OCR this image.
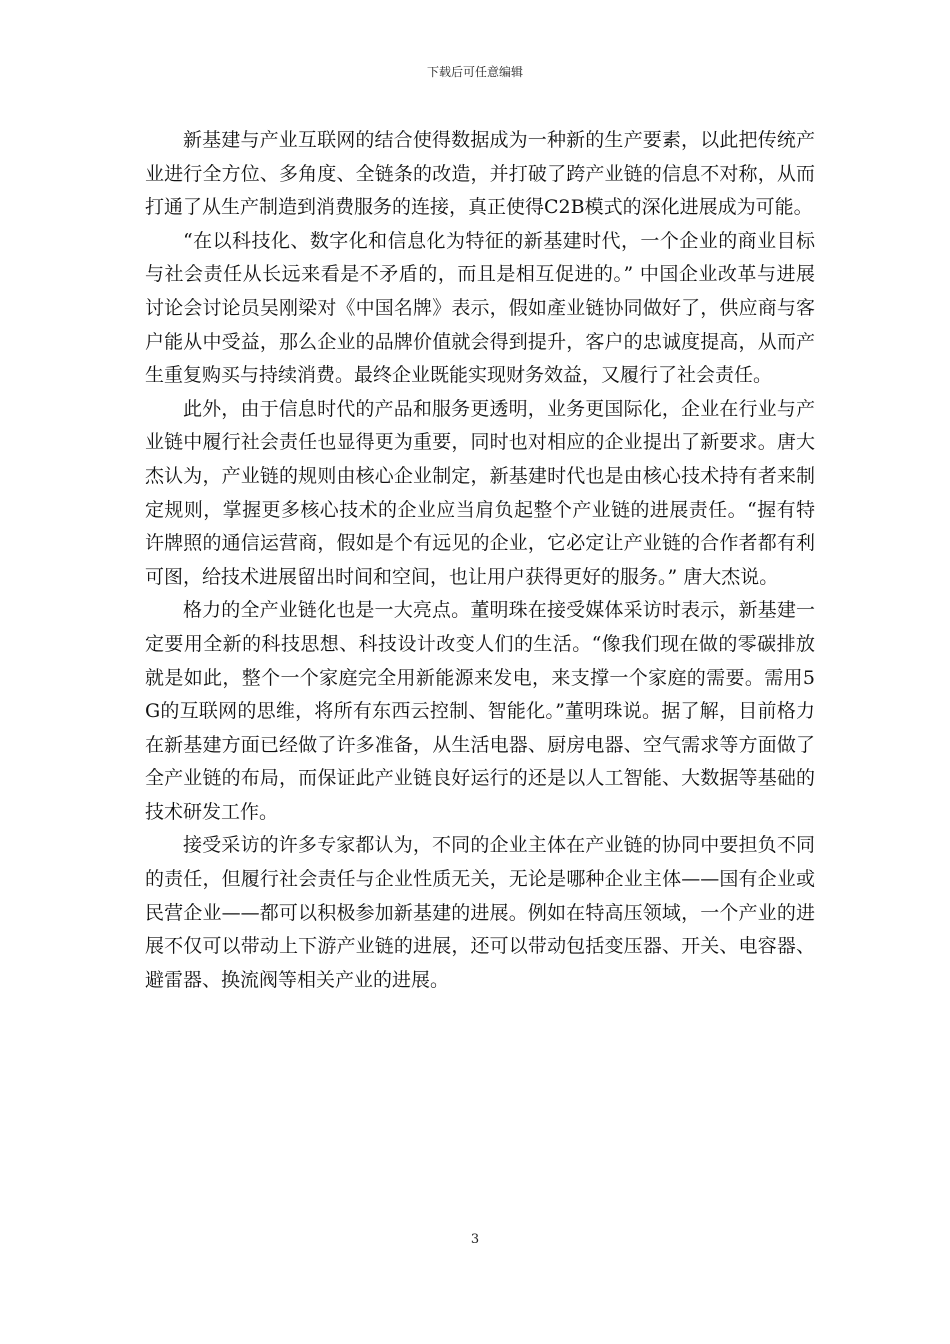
下载后可任意编辑

新基建与产业互联网的结合使得数据成为一种新的生产要素，以此把传统产业进行全方位、多角度、全链条的改造，并打破了跨产业链的信息不对称，从而打通了从生产制造到消费服务的连接，真正使得C2B模式的深化进展成为可能。

“在以科技化、数字化和信息化为特征的新基建时代，一个企业的商业目标与社会责任从长远来看是不矛盾的，而且是相互促进的。” 中国企业改革与进展讨论会讨论员吴刚梁对《中国名牌》表示，假如產业链协同做好了，供应商与客户能从中受益，那么企业的品牌价值就会得到提升，客户的忠诚度提高，从而产生重复购买与持续消费。最终企业既能实现财务效益，又履行了社会责任。

此外，由于信息时代的产品和服务更透明，业务更国际化，企业在行业与产业链中履行社会责任也显得更为重要，同时也对相应的企业提出了新要求。唐大杰认为，产业链的规则由核心企业制定，新基建时代也是由核心技术持有者来制定规则，掌握更多核心技术的企业应当肩负起整个产业链的进展责任。“握有特许牌照的通信运营商，假如是个有远见的企业，它必定让产业链的合作者都有利可图，给技术进展留出时间和空间，也让用户获得更好的服务。” 唐大杰说。

格力的全产业链化也是一大亮点。董明珠在接受媒体采访时表示，新基建一定要用全新的科技思想、科技设计改变人们的生活。“像我们现在做的零碳排放就是如此，整个一个家庭完全用新能源来发电，来支撑一个家庭的需要。需用5G的互联网的思维，将所有东西云控制、智能化。”董明珠说。据了解，目前格力在新基建方面已经做了许多准备，从生活电器、厨房电器、空气需求等方面做了全产业链的布局，而保证此产业链良好运行的还是以人工智能、大数据等基础的技术研发工作。

接受采访的许多专家都认为，不同的企业主体在产业链的协同中要担负不同的责任，但履行社会责任与企业性质无关，无论是哪种企业主体——国有企业或民营企业——都可以积极参加新基建的进展。例如在特高压领域，一个产业的进展不仅可以带动上下游产业链的进展，还可以带动包括变压器、开关、电容器、避雷器、换流阀等相关产业的进展。

3
